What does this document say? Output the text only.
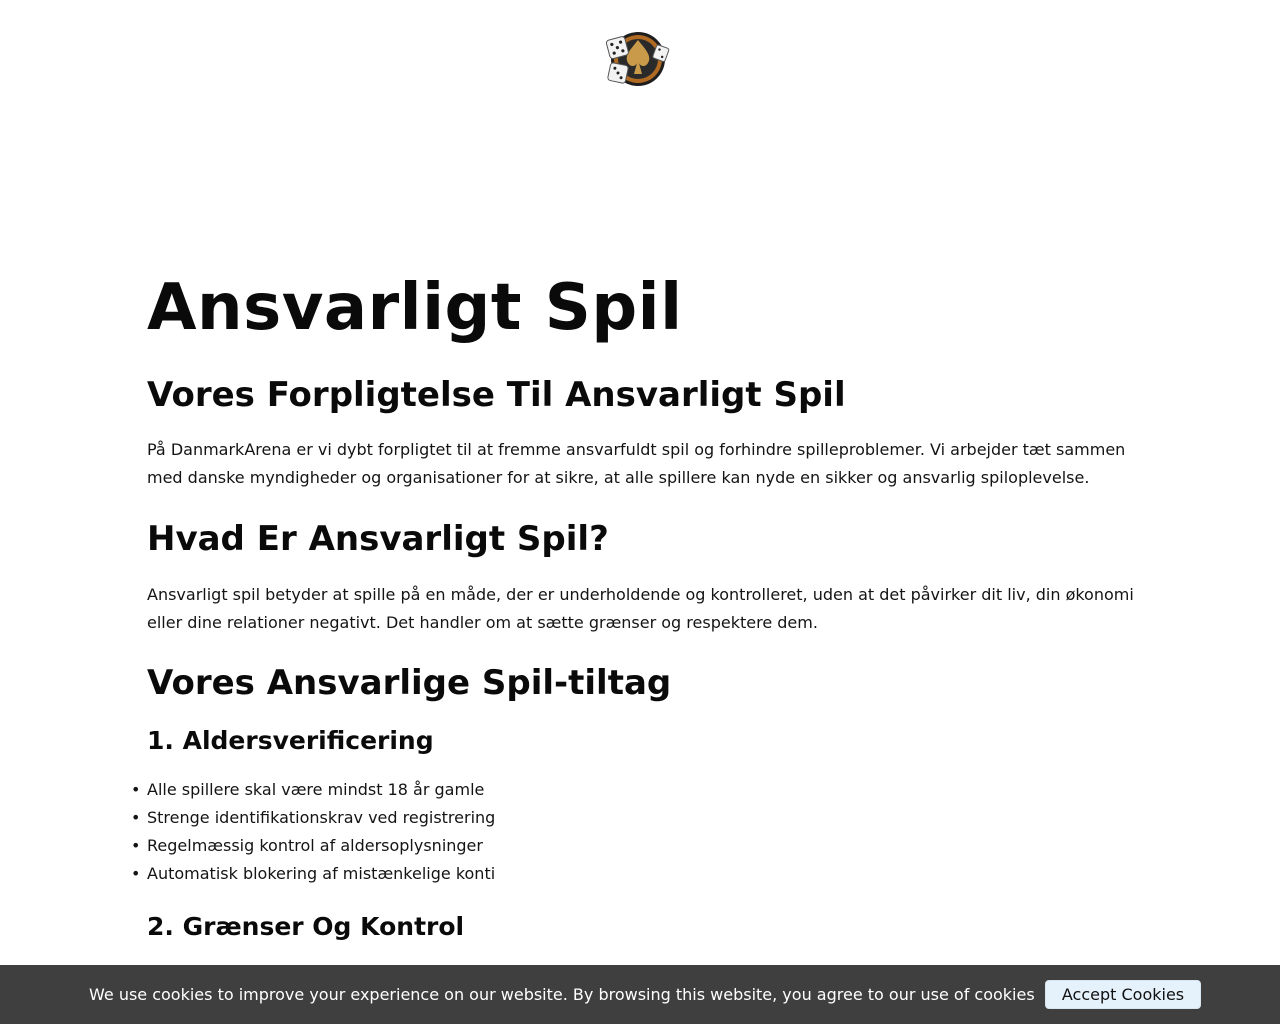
Ansvarligt Spil
Vores Forpligtelse Til Ansvarligt Spil

På DanmarkArena er vi dybt forpligtet til at fremme ansvarfuldt spil og forhindre spilleproblemer. Vi arbejder tæt sammen med danske myndigheder og organisationer for at sikre, at alle spillere kan nyde en sikker og ansvarlig spiloplevelse.

Hvad Er Ansvarligt Spil?

Ansvarligt spil betyder at spille på en måde, der er underholdende og kontrolleret, uden at det påvirker dit liv, din økonomi eller dine relationer negativt. Det handler om at sætte grænser og respektere dem.

Vores Ansvarlige Spil-tiltag
1. Aldersverificering
• Alle spillere skal være mindst 18 år gamle
• Strenge identifikationskrav ved registrering
• Regelmæssig kontrol af aldersoplysninger
• Automatisk blokering af mistænkelige konti
2. Grænser Og Kontrol
We use cookies to improve your experience on our website. By browsing this website, you agree to our use of cookies	Accept Cookies
